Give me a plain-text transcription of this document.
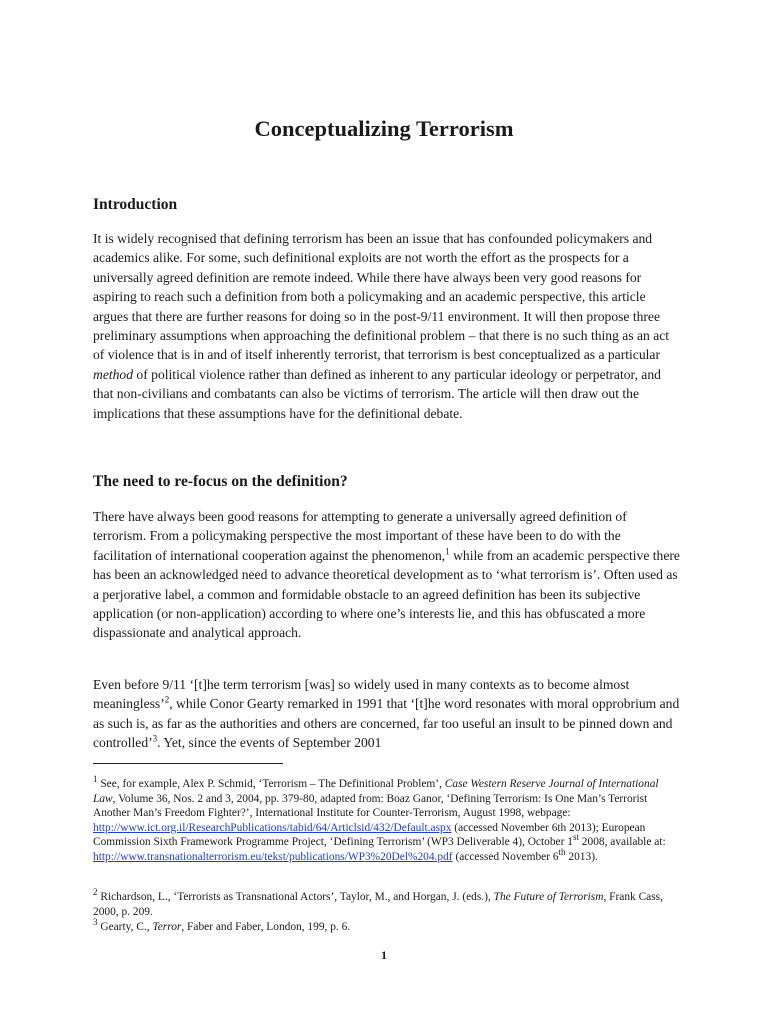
Conceptualizing Terrorism
Introduction

It is widely recognised that defining terrorism has been an issue that has confounded policymakers and academics alike. For some, such definitional exploits are not worth the effort as the prospects for a universally agreed definition are remote indeed. While there have always been very good reasons for aspiring to reach such a definition from both a policymaking and an academic perspective, this article argues that there are further reasons for doing so in the post-9/11 environment. It will then propose three preliminary assumptions when approaching the definitional problem – that there is no such thing as an act of violence that is in and of itself inherently terrorist, that terrorism is best conceptualized as a particular method of political violence rather than defined as inherent to any particular ideology or perpetrator, and that non-civilians and combatants can also be victims of terrorism. The article will then draw out the implications that these assumptions have for the definitional debate.

The need to re-focus on the definition?

There have always been good reasons for attempting to generate a universally agreed definition of terrorism. From a policymaking perspective the most important of these have been to do with the facilitation of international cooperation against the phenomenon,$^1$ while from an academic perspective there has been an acknowledged need to advance theoretical development as to ‘what terrorism is’. Often used as a perjorative label, a common and formidable obstacle to an agreed definition has been its subjective application (or non-application) according to where one’s interests lie, and this has obfuscated a more dispassionate and analytical approach.

Even before 9/11 ‘[t]he term terrorism [was] so widely used in many contexts as to become almost meaningless’$^2$, while Conor Gearty remarked in 1991 that ‘[t]he word resonates with moral opprobrium and as such is, as far as the authorities and others are concerned, far too useful an insult to be pinned down and controlled’$^3$. Yet, since the events of September 2001

$^1$ See, for example, Alex P. Schmid, ‘Terrorism – The Definitional Problem’, Case Western Reserve Journal of International Law, Volume 36, Nos. 2 and 3, 2004, pp. 379-80, adapted from: Boaz Ganor, ‘Defining Terrorism: Is One Man’s Terrorist Another Man’s Freedom Fighter?’, International Institute for Counter-Terrorism, August 1998, webpage: http://www.ict.org.il/ResearchPublications/tabid/64/Articlsid/432/Default.aspx (accessed November 6th 2013); European Commission Sixth Framework Programme Project, ‘Defining Terrorism’ (WP3 Deliverable 4), October 1st 2008, available at: http://www.transnationalterrorism.eu/tekst/publications/WP3%20Del%204.pdf (accessed November 6th 2013).

$^2$ Richardson, L., ‘Terrorists as Transnational Actors’, Taylor, M., and Horgan, J. (eds.), The Future of Terrorism, Frank Cass, 2000, p. 209.

$^3$ Gearty, C., Terror, Faber and Faber, London, 199, p. 6.

1
